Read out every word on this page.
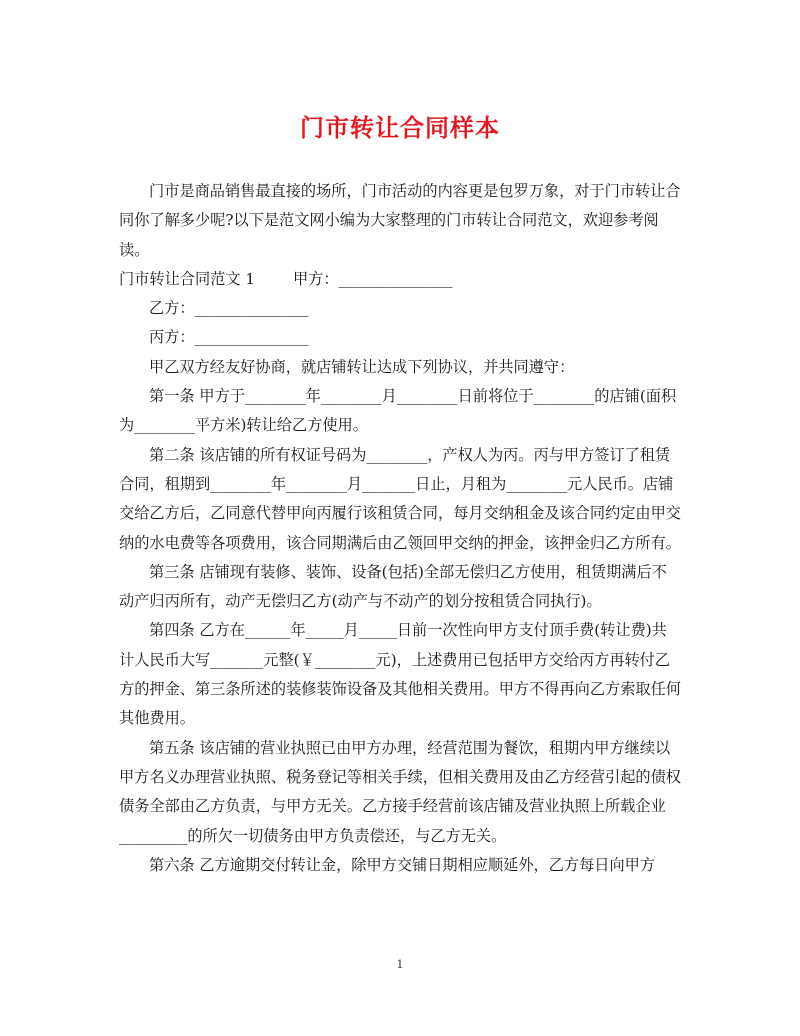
门市转让合同样本

门市是商品销售最直接的场所，门市活动的内容更是包罗万象，对于门市转让合同你了解多少呢?以下是范文网小编为大家整理的门市转让合同范文，欢迎参考阅读。

门市转让合同范文 1	甲方：_______________
乙方：_______________
丙方：_______________

甲乙双方经友好协商，就店铺转让达成下列协议，并共同遵守：

第一条 甲方于________年________月________日前将位于________的店铺(面积为________平方米)转让给乙方使用。

第二条 该店铺的所有权证号码为________，产权人为丙。丙与甲方签订了租赁合同，租期到________年________月_______日止，月租为________元人民币。店铺交给乙方后，乙同意代替甲向丙履行该租赁合同，每月交纳租金及该合同约定由甲交纳的水电费等各项费用，该合同期满后由乙领回甲交纳的押金，该押金归乙方所有。

第三条 店铺现有装修、装饰、设备(包括)全部无偿归乙方使用，租赁期满后不动产归丙所有，动产无偿归乙方(动产与不动产的划分按租赁合同执行)。

第四条 乙方在______年_____月_____日前一次性向甲方支付顶手费(转让费)共计人民币大写_______元整(￥________元)，上述费用已包括甲方交给丙方再转付乙方的押金、第三条所述的装修装饰设备及其他相关费用。甲方不得再向乙方索取任何其他费用。

第五条 该店铺的营业执照已由甲方办理，经营范围为餐饮，租期内甲方继续以甲方名义办理营业执照、税务登记等相关手续，但相关费用及由乙方经营引起的债权债务全部由乙方负责，与甲方无关。乙方接手经营前该店铺及营业执照上所载企业_________的所欠一切债务由甲方负责偿还，与乙方无关。

第六条 乙方逾期交付转让金，除甲方交铺日期相应顺延外，乙方每日向甲方

1
